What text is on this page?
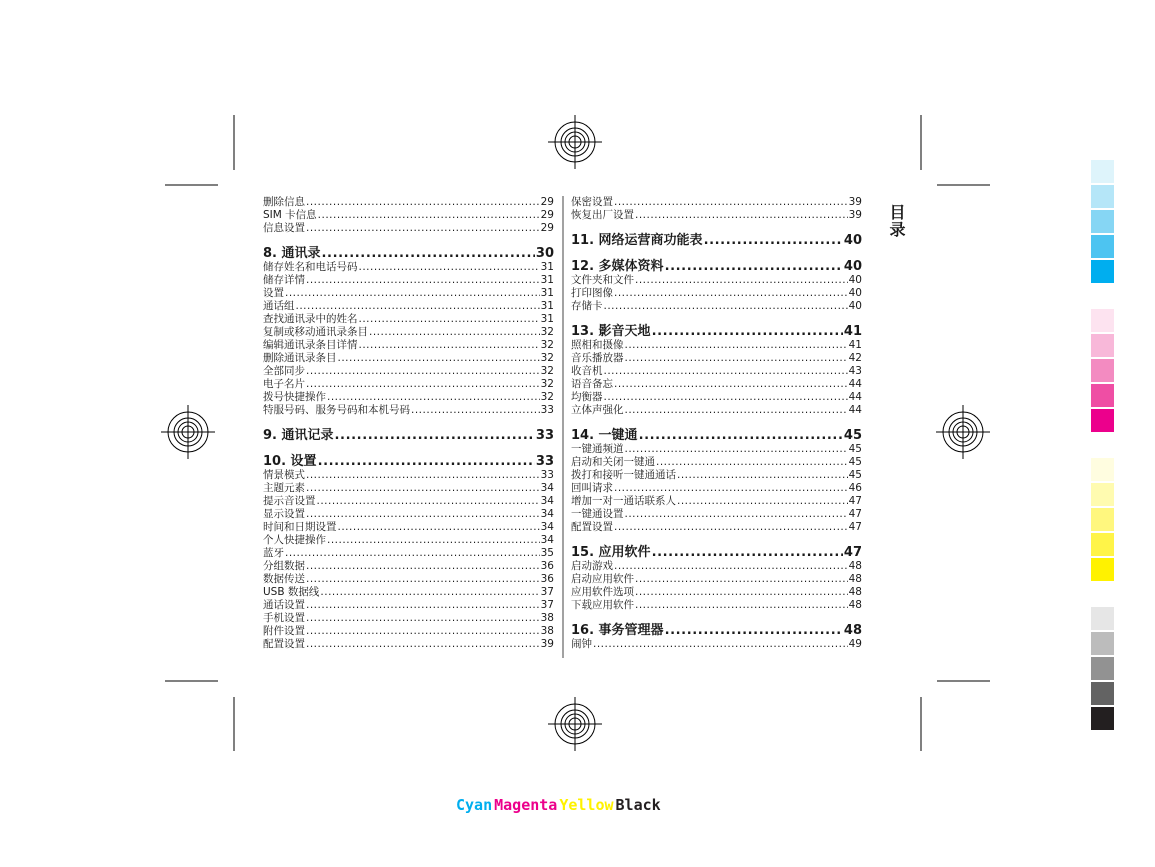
删除信息 .....	29
SIM 卡信息 .....	29
信息设置 .....	29
8. 通讯录 .....	30
储存姓名和电话号码 .....	31
储存详情 .....	31
设置 .....	31
通话组 .....	31
查找通讯录中的姓名 .....	31
复制或移动通讯录条目 .....	32
编辑通讯录条目详情 .....	32
删除通讯录条目 .....	32
全部同步 .....	32
电子名片 .....	32
拨号快捷操作 .....	32
特服号码、服务号码和本机号码 .....	33
9. 通讯记录 .....	33
10. 设置 .....	33
情景模式 .....	33
主题元素 .....	34
提示音设置 .....	34
显示设置 .....	34
时间和日期设置 .....	34
个人快捷操作 .....	34
蓝牙 .....	35
分组数据 .....	36
数据传送 .....	36
USB 数据线 .....	37
通话设置 .....	37
手机设置 .....	38
附件设置 .....	38
配置设置 .....	39
保密设置 .....	39
恢复出厂设置 .....	39
11. 网络运营商功能表 .....	40
12. 多媒体资料 .....	40
文件夹和文件 .....	40
打印图像 .....	40
存储卡 .....	40
13. 影音天地 .....	41
照相和摄像 .....	41
音乐播放器 .....	42
收音机 .....	43
语音备忘 .....	44
均衡器 .....	44
立体声强化 .....	44
14. 一键通 .....	45
一键通频道 .....	45
启动和关闭一键通 .....	45
拨打和接听一键通通话 .....	45
回叫请求 .....	46
增加一对一通话联系人 .....	47
一键通设置 .....	47
配置设置 .....	47
15. 应用软件 .....	47
启动游戏 .....	48
启动应用软件 .....	48
应用软件选项 .....	48
下载应用软件 .....	48
16. 事务管理器 .....	48
闹钟 .....	49
目录
Cyan Magenta Yellow Black
